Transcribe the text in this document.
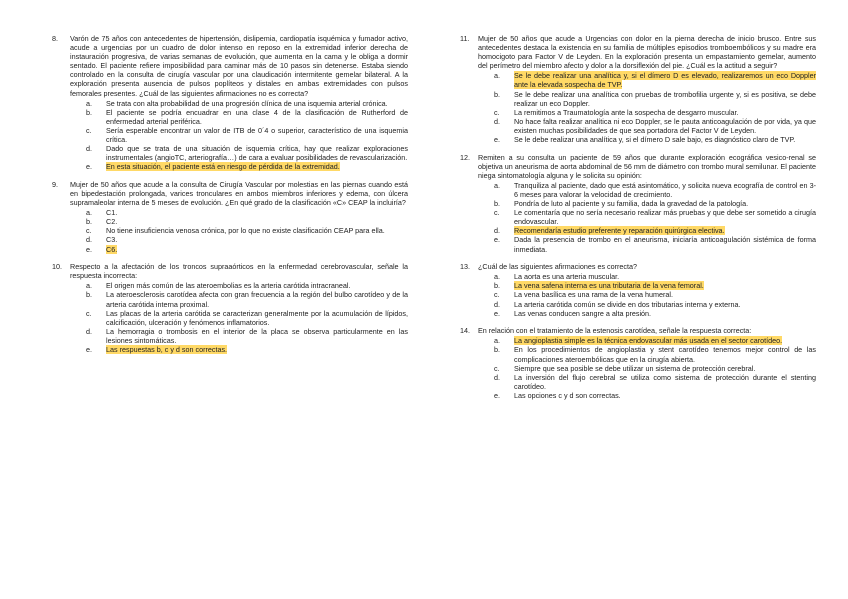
8. Varón de 75 años con antecedentes de hipertensión, dislipemia, cardiopatía isquémica y fumador activo, acude a urgencias por un cuadro de dolor intenso en reposo en la extremidad inferior derecha de instauración progresiva, de varias semanas de evolución, que aumenta en la cama y le obliga a dormir sentado. El paciente refiere imposibilidad para caminar más de 10 pasos sin detenerse. Estaba siendo controlado en la consulta de cirugía vascular por una claudicación intermitente gemelar bilateral. A la exploración presenta ausencia de pulsos poplíteos y distales en ambas extremidades con pulsos femorales presentes. ¿Cuál de las siguientes afirmaciones no es correcta?
a. Se trata con alta probabilidad de una progresión clínica de una isquemia arterial crónica.
b. El paciente se podría encuadrar en una clase 4 de la clasificación de Rutherford de enfermedad arterial periférica.
c. Sería esperable encontrar un valor de ITB de 0´4 o superior, característico de una isquemia crítica.
d. Dado que se trata de una situación de isquemia crítica, hay que realizar exploraciones instrumentales (angioTC, arteriografía…) de cara a evaluar posibilidades de revascularización.
e. En esta situación, el paciente está en riesgo de pérdida de la extremidad.
9. Mujer de 50 años que acude a la consulta de Cirugía Vascular por molestias en las piernas cuando está en bipedestación prolongada, varices tronculares en ambos miembros inferiores y edema, con úlcera supramaleolar interna de 5 meses de evolución. ¿En qué grado de la clasificación «C» CEAP la incluiría?
a. C1.
b. C2.
c. No tiene insuficiencia venosa crónica, por lo que no existe clasificación CEAP para ella.
d. C3.
e. C6.
10. Respecto a la afectación de los troncos supraaórticos en la enfermedad cerebrovascular, señale la respuesta incorrecta:
a. El origen más común de las ateroembolias es la arteria carótida intracraneal.
b. La ateroesclerosis carotídea afecta con gran frecuencia a la región del bulbo carotídeo y de la arteria carótida interna proximal.
c. Las placas de la arteria carótida se caracterizan generalmente por la acumulación de lípidos, calcificación, ulceración y fenómenos inflamatorios.
d. La hemorragia o trombosis en el interior de la placa se observa particularmente en las lesiones sintomáticas.
e. Las respuestas b, c y d son correctas.
11. Mujer de 50 años que acude a Urgencias con dolor en la pierna derecha de inicio brusco. Entre sus antecedentes destaca la existencia en su familia de múltiples episodios tromboembólicos y su madre era homocigoto para Factor V de Leyden. En la exploración presenta un empastamiento gemelar, aumento del perímetro del miembro afecto y dolor a la dorsiflexión del pie. ¿Cuál es la actitud a seguir?
a. Se le debe realizar una analítica y, si el dímero D es elevado, realizaremos un eco Doppler ante la elevada sospecha de TVP.
b. Se le debe realizar una analítica con pruebas de trombofilia urgente y, si es positiva, se debe realizar un eco Doppler.
c. La remitimos a Traumatología ante la sospecha de desgarro muscular.
d. No hace falta realizar analítica ni eco Doppler, se le pauta anticoagulación de por vida, ya que existen muchas posibilidades de que sea portadora del Factor V de Leyden.
e. Se le debe realizar una analítica y, si el dímero D sale bajo, es diagnóstico claro de TVP.
12. Remiten a su consulta un paciente de 59 años que durante exploración ecográfica vesico-renal se objetiva un aneurisma de aorta abdominal de 56 mm de diámetro con trombo mural semilunar. El paciente niega sintomatología alguna y le solicita su opinión:
a. Tranquiliza al paciente, dado que está asintomático, y solicita nueva ecografía de control en 3-6 meses para valorar la velocidad de crecimiento.
b. Pondría de luto al paciente y su familia, dada la gravedad de la patología.
c. Le comentaría que no sería necesario realizar más pruebas y que debe ser sometido a cirugía endovascular.
d. Recomendaría estudio preferente y reparación quirúrgica electiva.
e. Dada la presencia de trombo en el aneurisma, iniciaría anticoagulación sistémica de forma inmediata.
13. ¿Cuál de las siguientes afirmaciones es correcta?
a. La aorta es una arteria muscular.
b. La vena safena interna es una tributaria de la vena femoral.
c. La vena basílica es una rama de la vena humeral.
d. La arteria carótida común se divide en dos tributarias interna y externa.
e. Las venas conducen sangre a alta presión.
14. En relación con el tratamiento de la estenosis carotídea, señale la respuesta correcta:
a. La angioplastia simple es la técnica endovascular más usada en el sector carotídeo.
b. En los procedimientos de angioplastia y stent carotídeo tenemos mejor control de las complicaciones ateroembólicas que en la cirugía abierta.
c. Siempre que sea posible se debe utilizar un sistema de protección cerebral.
d. La inversión del flujo cerebral se utiliza como sistema de protección durante el stenting carotídeo.
e. Las opciones c y d son correctas.
